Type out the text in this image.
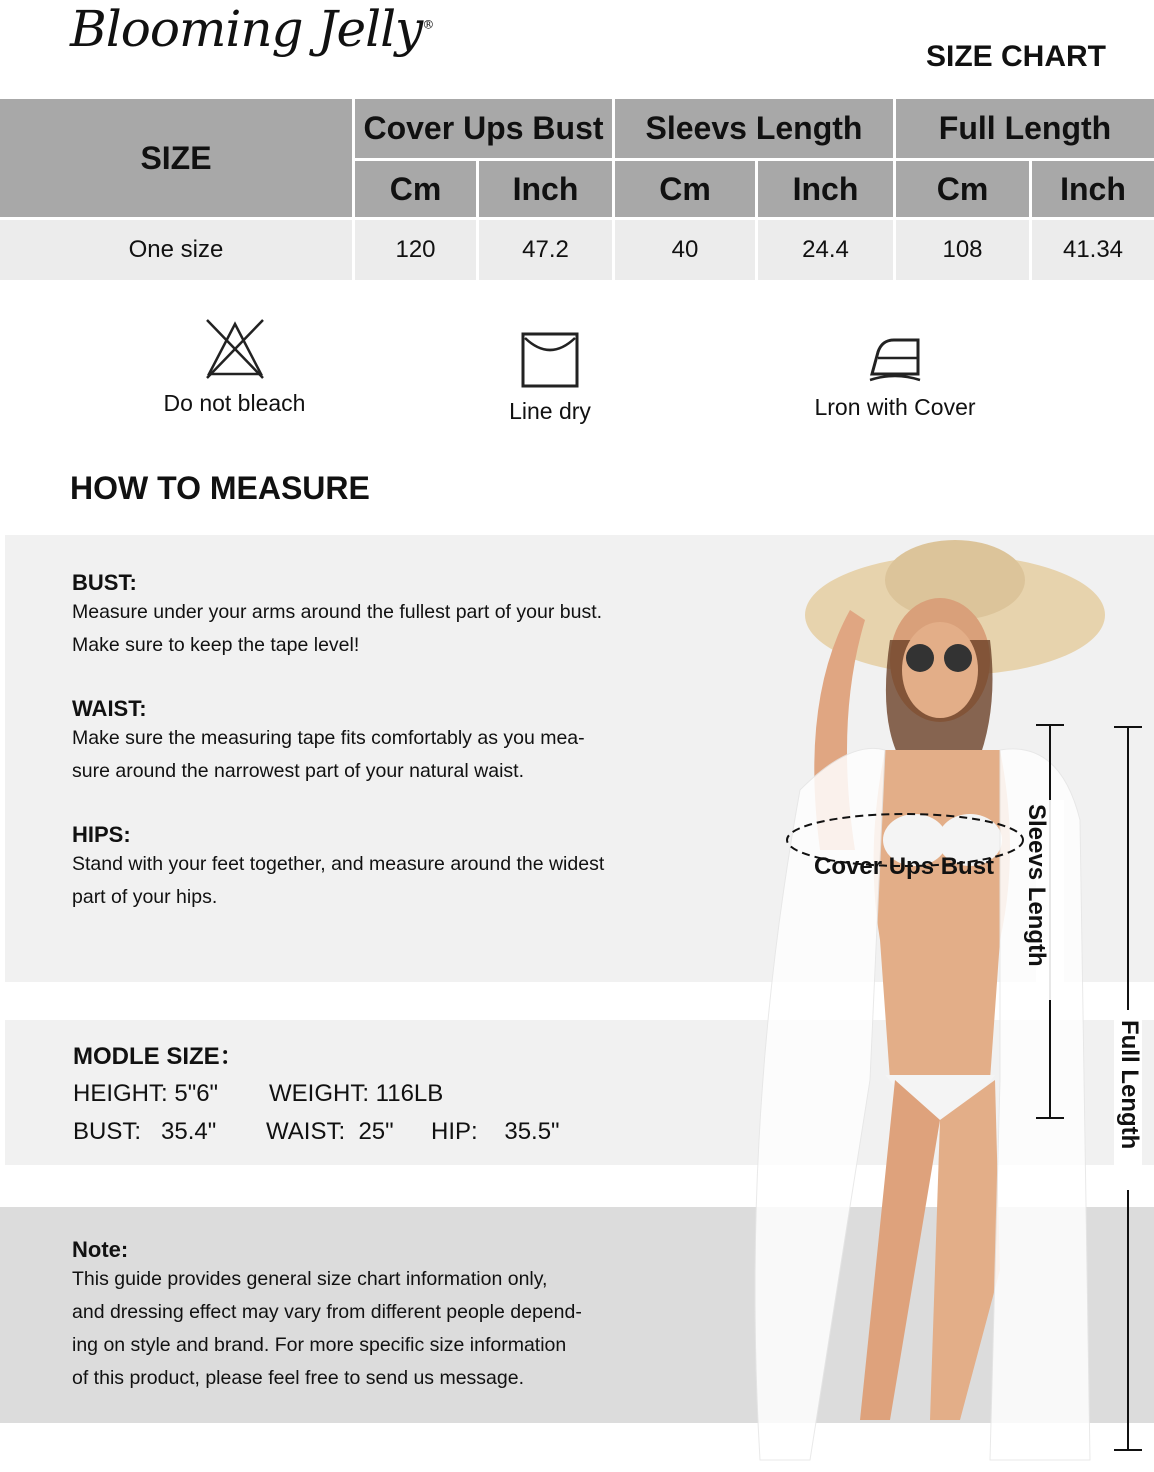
Blooming Jelly®
SIZE CHART
SIZE	Cover Ups Bust		Sleevs Length		Full Length	
	Cm	Inch	Cm	Inch	Cm	Inch
One size	120	47.2	40	24.4	108	41.34
Do not bleach	Line dry	Lron with Cover
HOW TO MEASURE
BUST:
Measure under your arms around the fullest part of your bust.
Make sure to keep the tape level!
WAIST:
Make sure the measuring tape fits comfortably as you mea-
sure around the narrowest part of your natural waist.
HIPS:
Stand with your feet together, and measure around the widest
part of your hips.
MODLE SIZE：
HEIGHT: 5"6" WEIGHT: 116LB
BUST:   35.4" WAIST:  25" HIP:    35.5"
Note:
This guide provides general size chart information only,
and dressing effect may vary from different people depend-
ing on style and brand. For more specific size information
of this product, please feel free to send us message.
Cover Ups Bust Sleevs Length
Full Length
